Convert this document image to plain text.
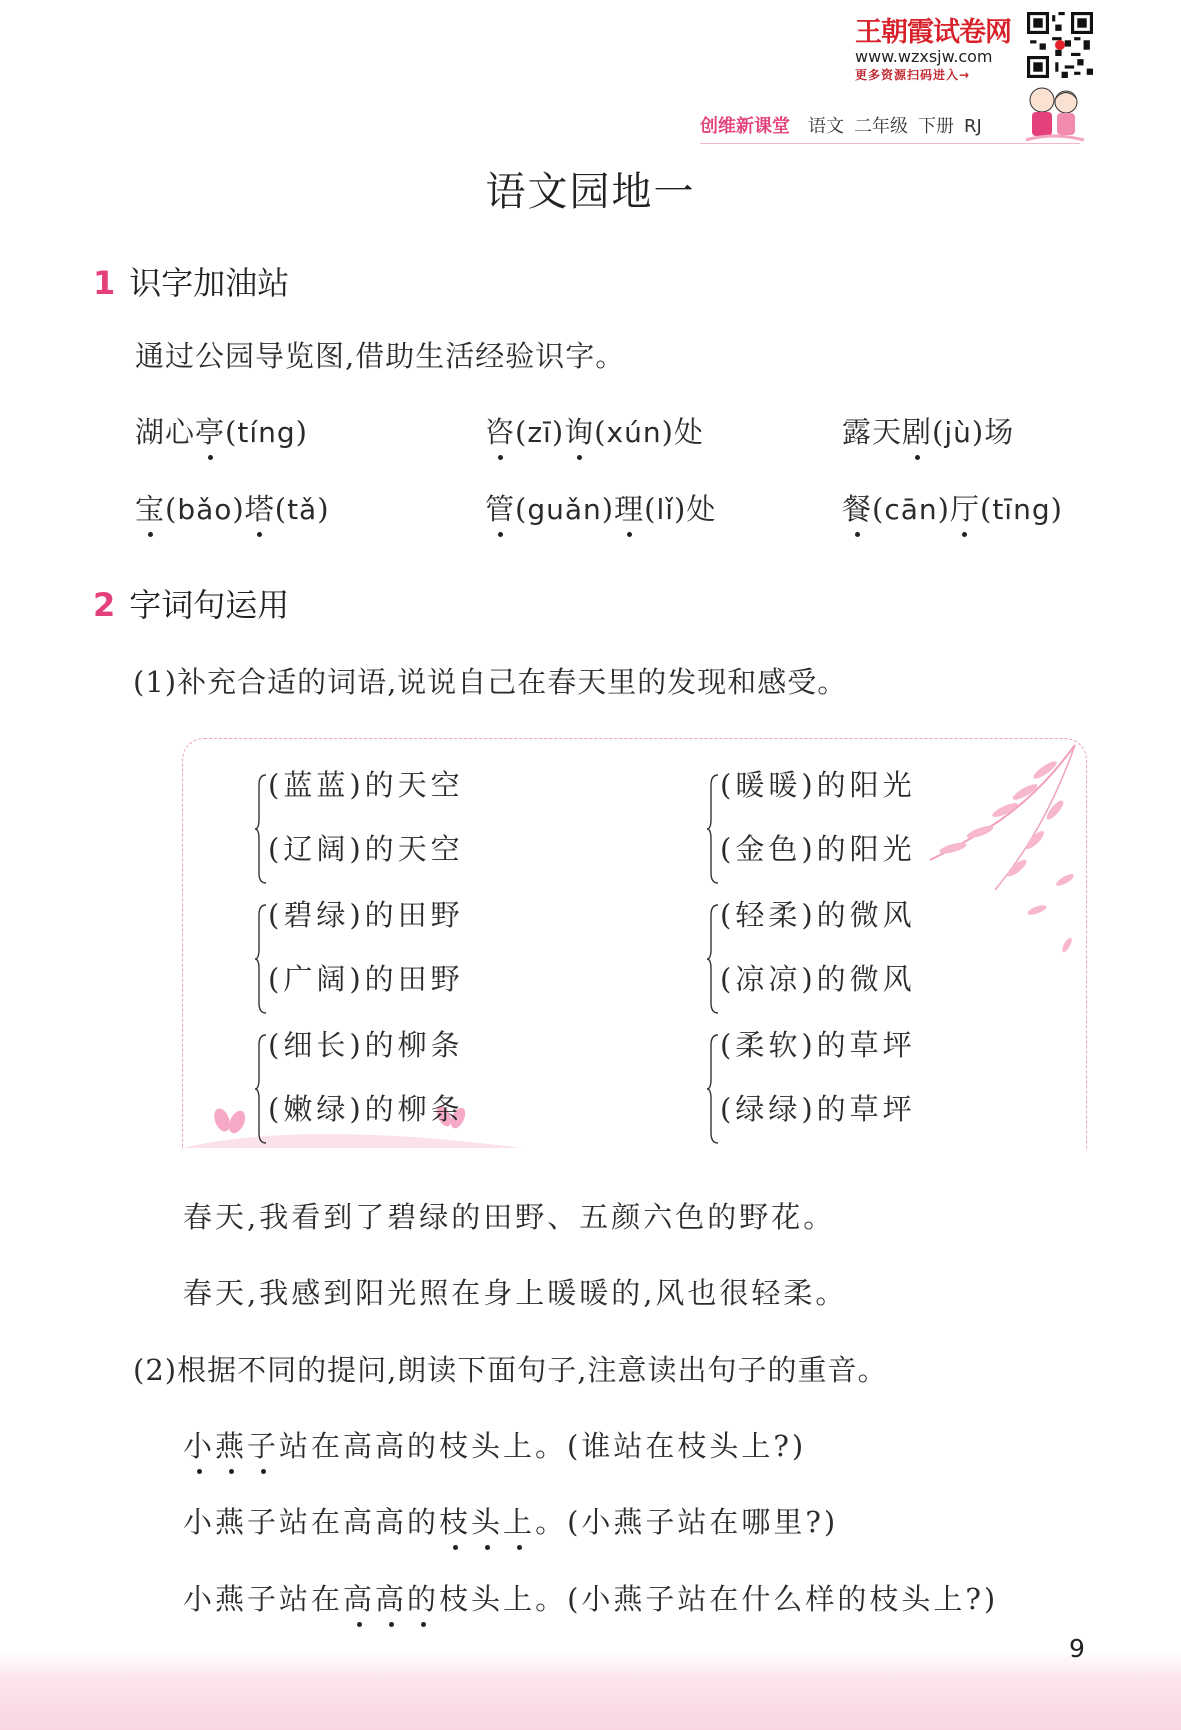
王朝霞试卷网
www.wzxsjw.com
更多资源扫码进入→
创维新课堂 语文 二年级 下册 RJ
语文园地一
1 识字加油站
通过公园导览图,借助生活经验识字。
湖心亭(tíng)	咨(zī)询(xún)处	露天剧(jù)场
宝(bǎo)塔(tǎ)	管(guǎn)理(lǐ)处	餐(cān)厅(tīng)
2 字词句运用
(1)补充合适的词语,说说自己在春天里的发现和感受。
(蓝蓝)的天空
(辽阔)的天空
(暖暖)的阳光
(金色)的阳光
(碧绿)的田野
(广阔)的田野
(轻柔)的微风
(凉凉)的微风
(细长)的柳条
(嫩绿)的柳条
(柔软)的草坪
(绿绿)的草坪
春天,我看到了碧绿的田野、五颜六色的野花。
春天,我感到阳光照在身上暖暖的,风也很轻柔。
(2)根据不同的提问,朗读下面句子,注意读出句子的重音。
小燕子站在高高的枝头上。(谁站在枝头上?)
小燕子站在高高的枝头上。(小燕子站在哪里?)
小燕子站在高高的枝头上。(小燕子站在什么样的枝头上?)
9
